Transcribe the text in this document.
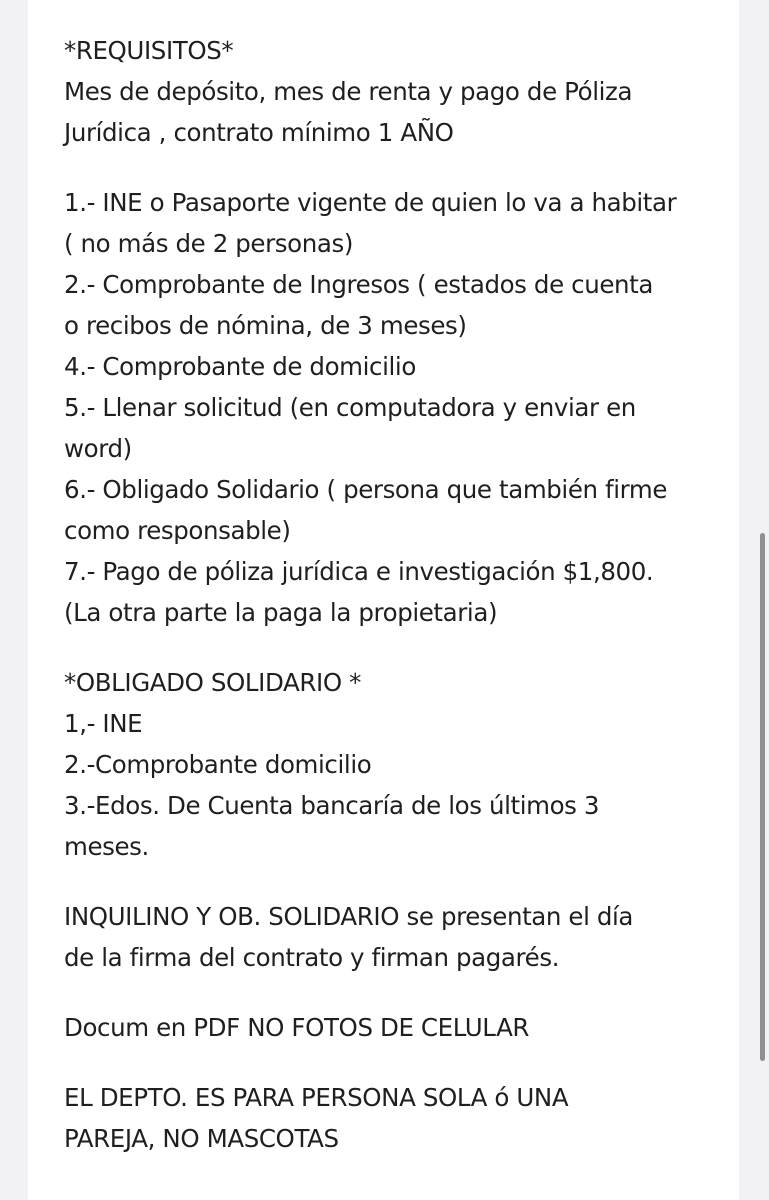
*REQUISITOS*
Mes de depósito, mes de renta y pago de Póliza
Jurídica , contrato mínimo 1 AÑO
1.- INE o Pasaporte vigente de quien lo va a habitar
( no más de 2 personas)
2.- Comprobante de Ingresos ( estados de cuenta
o recibos de nómina, de 3 meses)
4.- Comprobante de domicilio
5.- Llenar solicitud (en computadora y enviar en
word)
6.- Obligado Solidario ( persona que también firme
como responsable)
7.- Pago de póliza jurídica e investigación $1,800.
(La otra parte la paga la propietaria)
*OBLIGADO SOLIDARIO *
1,- INE
2.-Comprobante domicilio
3.-Edos. De Cuenta bancaría de los últimos 3
meses.
INQUILINO Y OB. SOLIDARIO se presentan el día
de la firma del contrato y firman pagarés.
Docum en PDF NO FOTOS DE CELULAR
EL DEPTO. ES PARA PERSONA SOLA ó UNA
PAREJA, NO MASCOTAS
